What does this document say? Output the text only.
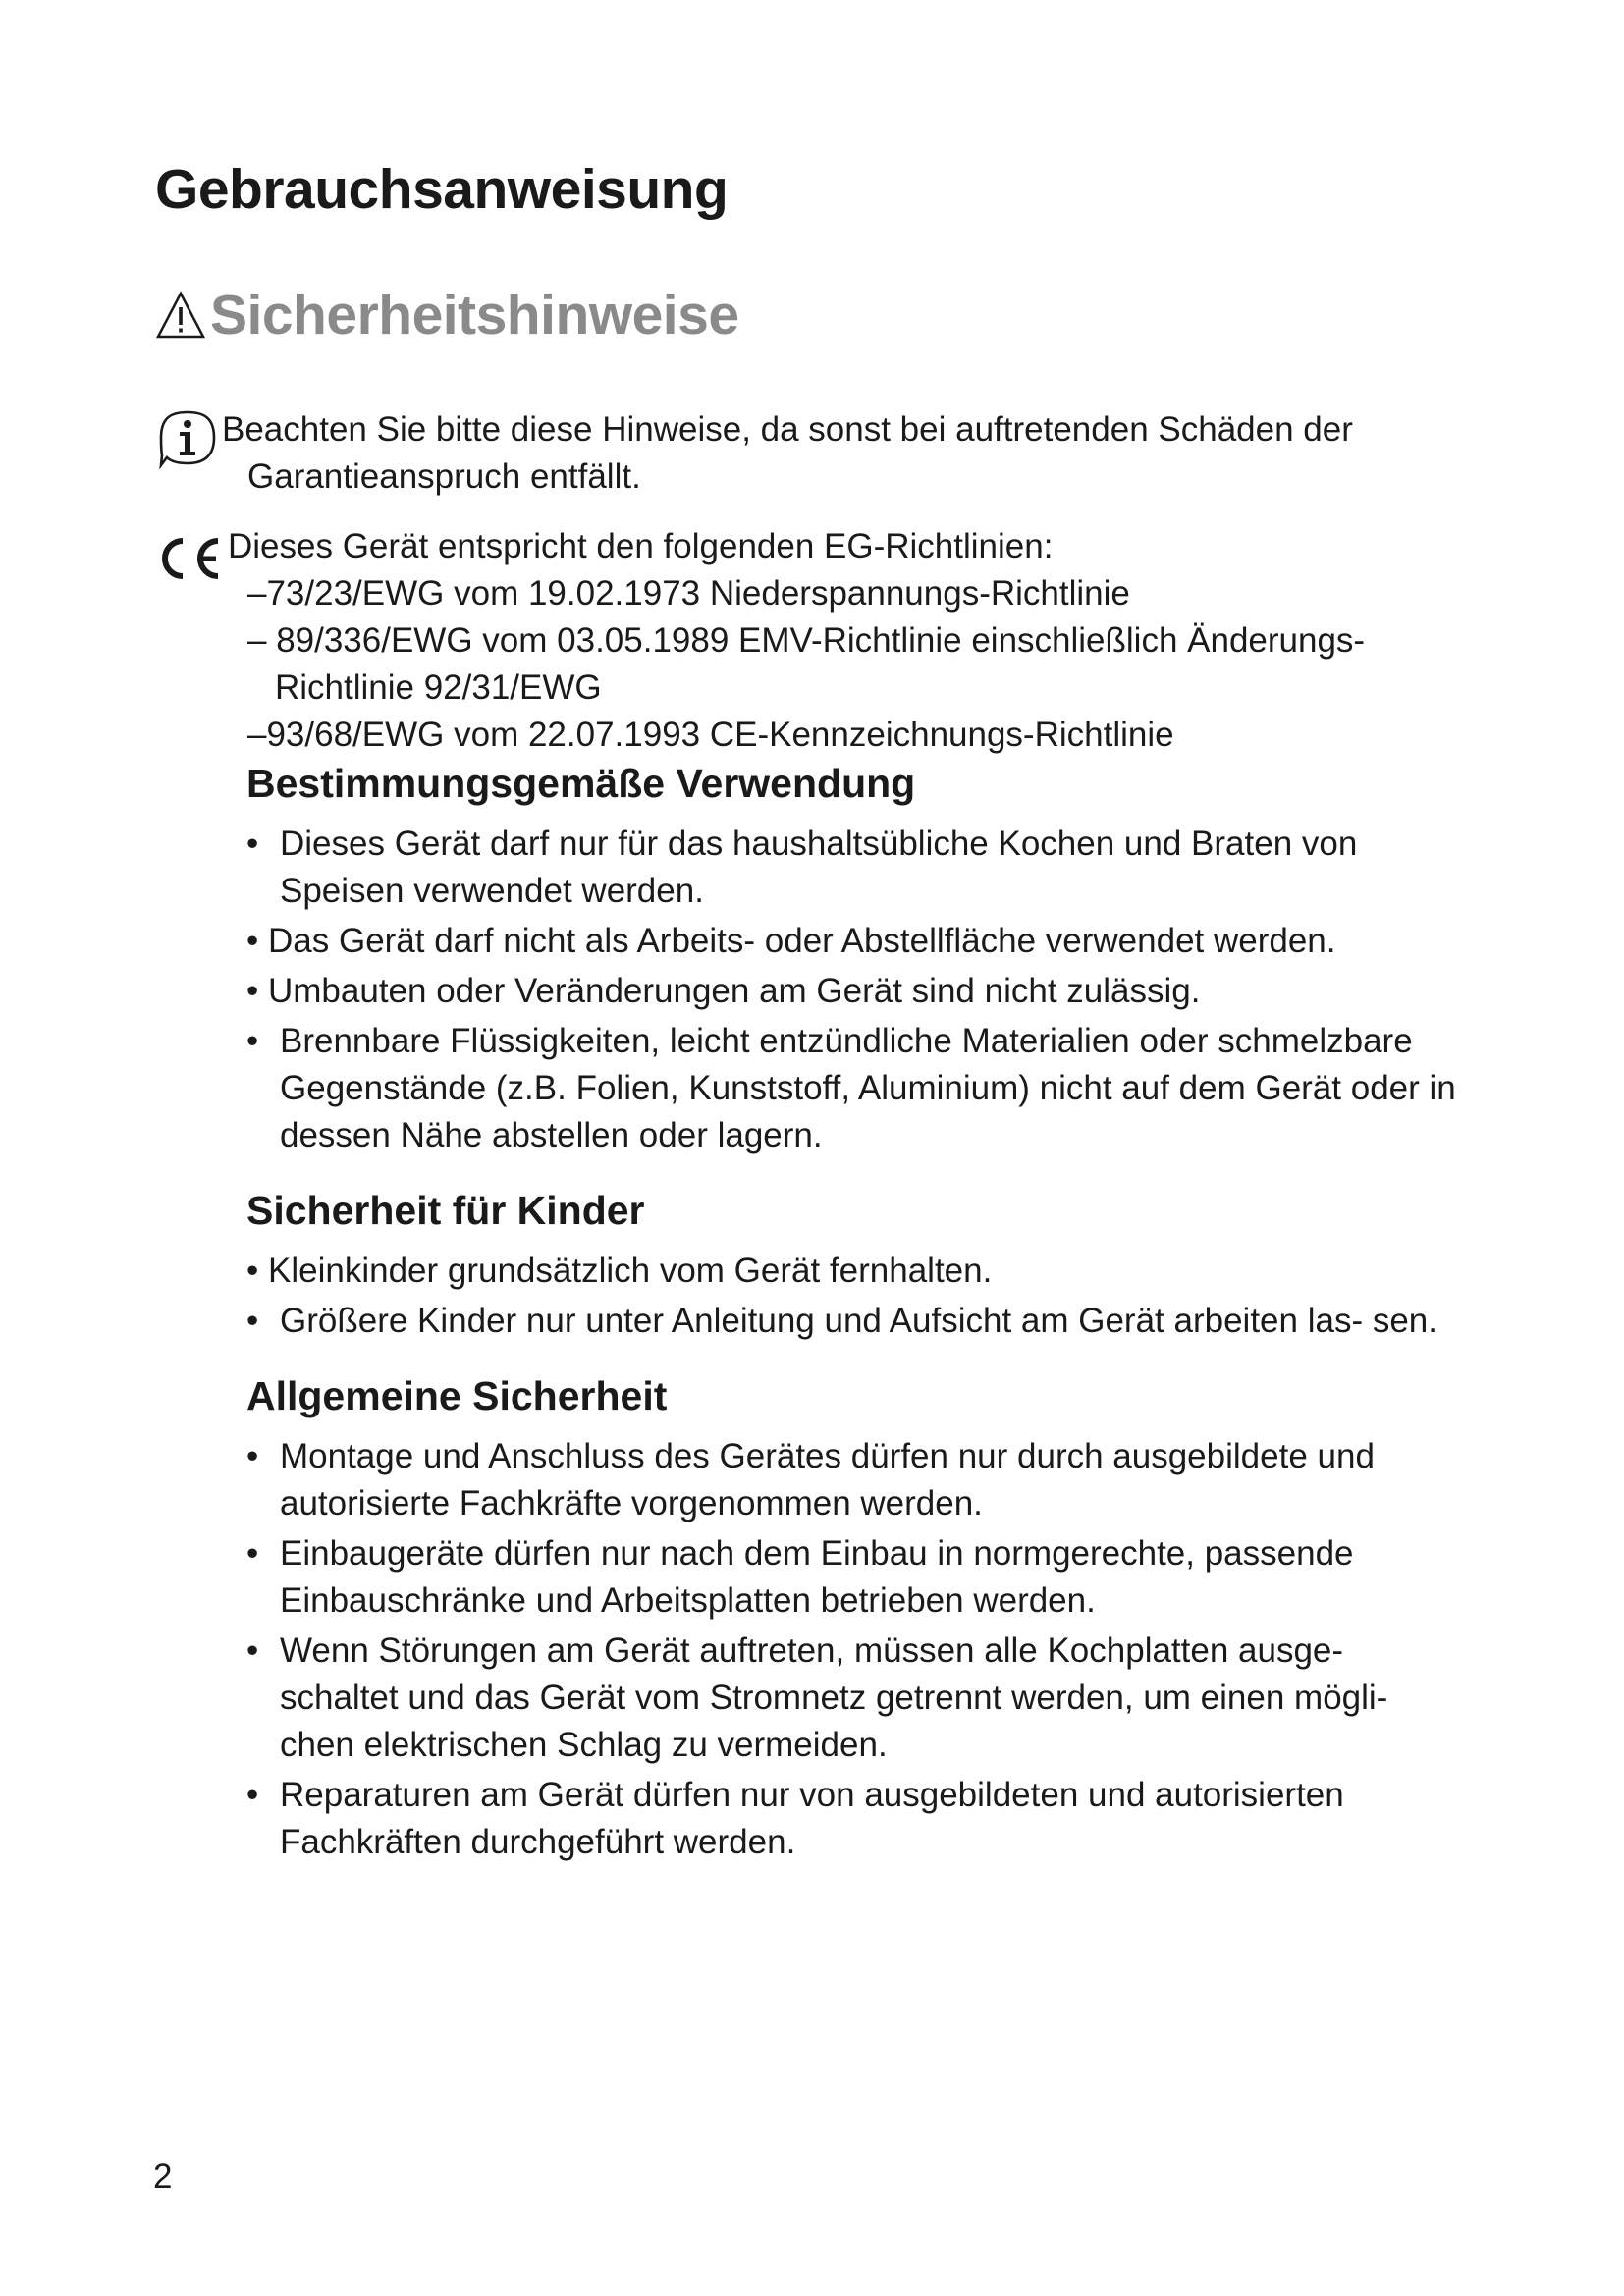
Gebrauchsanweisung
Sicherheitshinweise
Beachten Sie bitte diese Hinweise, da sonst bei auftretenden Schäden der
Garantieanspruch entfällt.
Dieses Gerät entspricht den folgenden EG-Richtlinien:
–73/23/EWG vom 19.02.1973 Niederspannungs-Richtlinie
– 89/336/EWG vom 03.05.1989 EMV-Richtlinie einschließlich Änderungs-
Richtlinie 92/31/EWG
–93/68/EWG vom 22.07.1993 CE-Kennzeichnungs-Richtlinie
Bestimmungsgemäße Verwendung
• Dieses Gerät darf nur für das haushaltsübliche Kochen und Braten von Speisen verwendet werden.
• Das Gerät darf nicht als Arbeits- oder Abstellfläche verwendet werden.
• Umbauten oder Veränderungen am Gerät sind nicht zulässig.
• Brennbare Flüssigkeiten, leicht entzündliche Materialien oder schmelzbare Gegenstände (z.B. Folien, Kunststoff, Aluminium) nicht auf dem Gerät oder in dessen Nähe abstellen oder lagern.
Sicherheit für Kinder
• Kleinkinder grundsätzlich vom Gerät fernhalten.
• Größere Kinder nur unter Anleitung und Aufsicht am Gerät arbeiten las- sen.
Allgemeine Sicherheit
• Montage und Anschluss des Gerätes dürfen nur durch ausgebildete und autorisierte Fachkräfte vorgenommen werden.
• Einbaugeräte dürfen nur nach dem Einbau in normgerechte, passende Einbauschränke und Arbeitsplatten betrieben werden.
• Wenn Störungen am Gerät auftreten, müssen alle Kochplatten ausge- schaltet und das Gerät vom Stromnetz getrennt werden, um einen mögli- chen elektrischen Schlag zu vermeiden.
• Reparaturen am Gerät dürfen nur von ausgebildeten und autorisierten Fachkräften durchgeführt werden.
2
